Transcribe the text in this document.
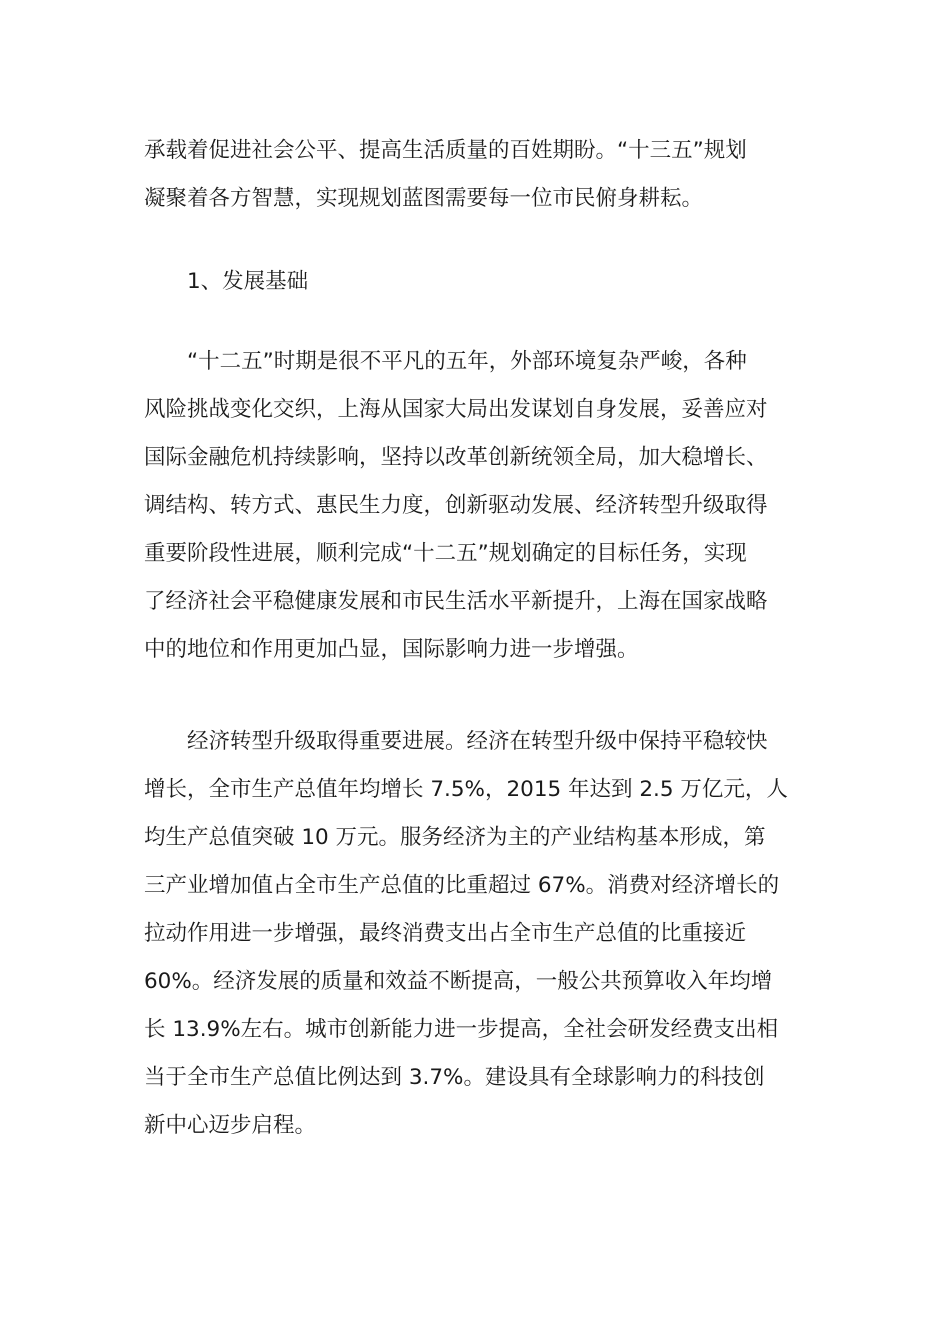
承载着促进社会公平、提高生活质量的百姓期盼。“十三五”规划
凝聚着各方智慧，实现规划蓝图需要每一位市民俯身耕耘。
1、发展基础
“十二五”时期是很不平凡的五年，外部环境复杂严峻，各种
风险挑战变化交织，上海从国家大局出发谋划自身发展，妥善应对
国际金融危机持续影响，坚持以改革创新统领全局，加大稳增长、
调结构、转方式、惠民生力度，创新驱动发展、经济转型升级取得
重要阶段性进展，顺利完成“十二五”规划确定的目标任务，实现
了经济社会平稳健康发展和市民生活水平新提升，上海在国家战略
中的地位和作用更加凸显，国际影响力进一步增强。
经济转型升级取得重要进展。经济在转型升级中保持平稳较快
增长，全市生产总值年均增长 7.5%，2015 年达到 2.5 万亿元，人
均生产总值突破 10 万元。服务经济为主的产业结构基本形成，第
三产业增加值占全市生产总值的比重超过 67%。消费对经济增长的
拉动作用进一步增强，最终消费支出占全市生产总值的比重接近
60%。经济发展的质量和效益不断提高，一般公共预算收入年均增
长 13.9%左右。城市创新能力进一步提高，全社会研发经费支出相
当于全市生产总值比例达到 3.7%。建设具有全球影响力的科技创
新中心迈步启程。
